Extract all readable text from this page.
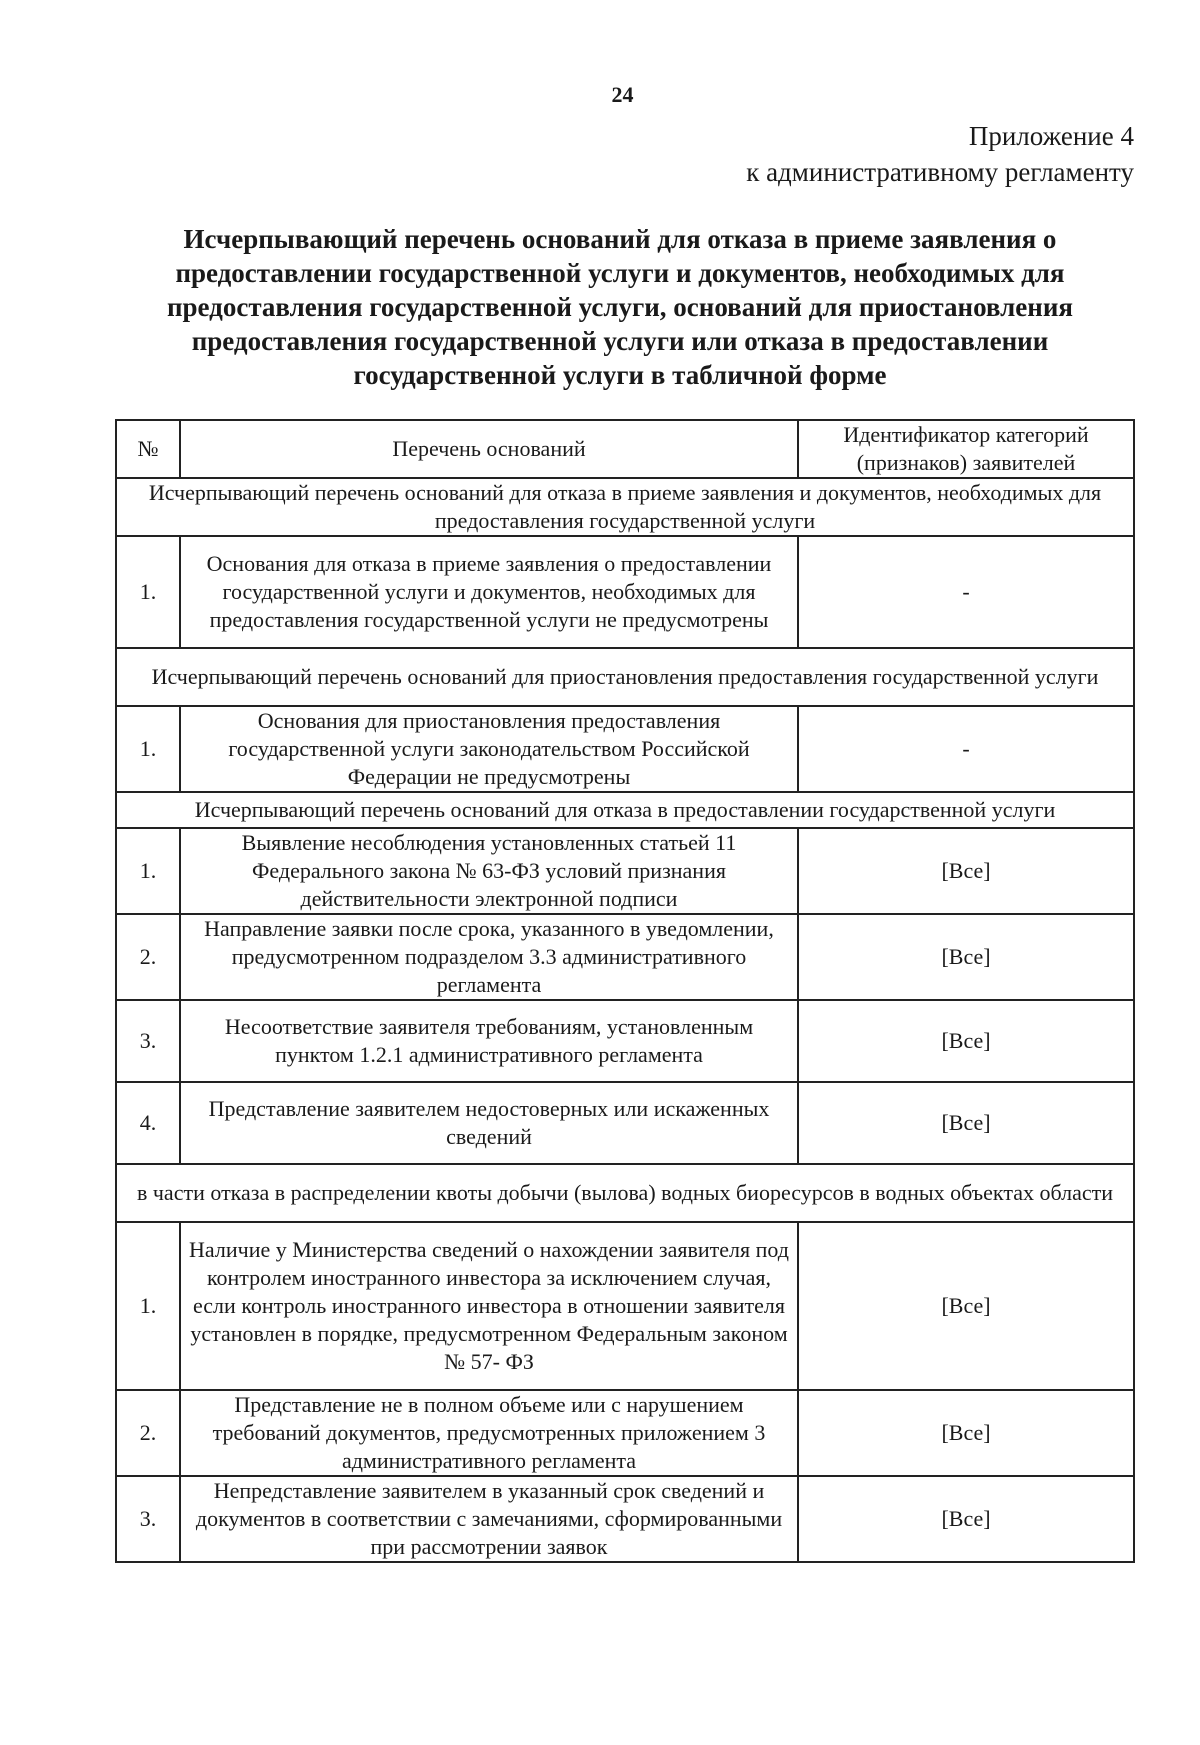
24
Приложение 4
к административному регламенту
Исчерпывающий перечень оснований для отказа в приеме заявления о предоставлении государственной услуги и документов, необходимых для предоставления государственной услуги, оснований для приостановления предоставления государственной услуги или отказа в предоставлении государственной услуги в табличной форме
№	Перечень оснований	Идентификатор категорий (признаков) заявителей
Исчерпывающий перечень оснований для отказа в приеме заявления и документов, необходимых для предоставления государственной услуги		
1.	Основания для отказа в приеме заявления о предоставлении государственной услуги и документов, необходимых для предоставления государственной услуги не предусмотрены	-
Исчерпывающий перечень оснований для приостановления предоставления государственной услуги		
1.	Основания для приостановления предоставления государственной услуги законодательством Российской Федерации не предусмотрены	-
Исчерпывающий перечень оснований для отказа в предоставлении государственной услуги		
1.	Выявление несоблюдения установленных статьей 11 Федерального закона № 63-ФЗ условий признания действительности электронной подписи	[Все]
2.	Направление заявки после срока, указанного в уведомлении, предусмотренном подразделом 3.3 административного регламента	[Все]
3.	Несоответствие заявителя требованиям, установленным пунктом 1.2.1 административного регламента	[Все]
4.	Представление заявителем недостоверных или искаженных сведений	[Все]
в части отказа в распределении квоты добычи (вылова) водных биоресурсов в водных объектах области		
1.	Наличие у Министерства сведений о нахождении заявителя под контролем иностранного инвестора за исключением случая, если контроль иностранного инвестора в отношении заявителя установлен в порядке, предусмотренном Федеральным законом № 57- ФЗ	[Все]
2.	Представление не в полном объеме или с нарушением требований документов, предусмотренных приложением 3 административного регламента	[Все]
3.	Непредставление заявителем в указанный срок сведений и документов в соответствии с замечаниями, сформированными при рассмотрении заявок	[Все]
